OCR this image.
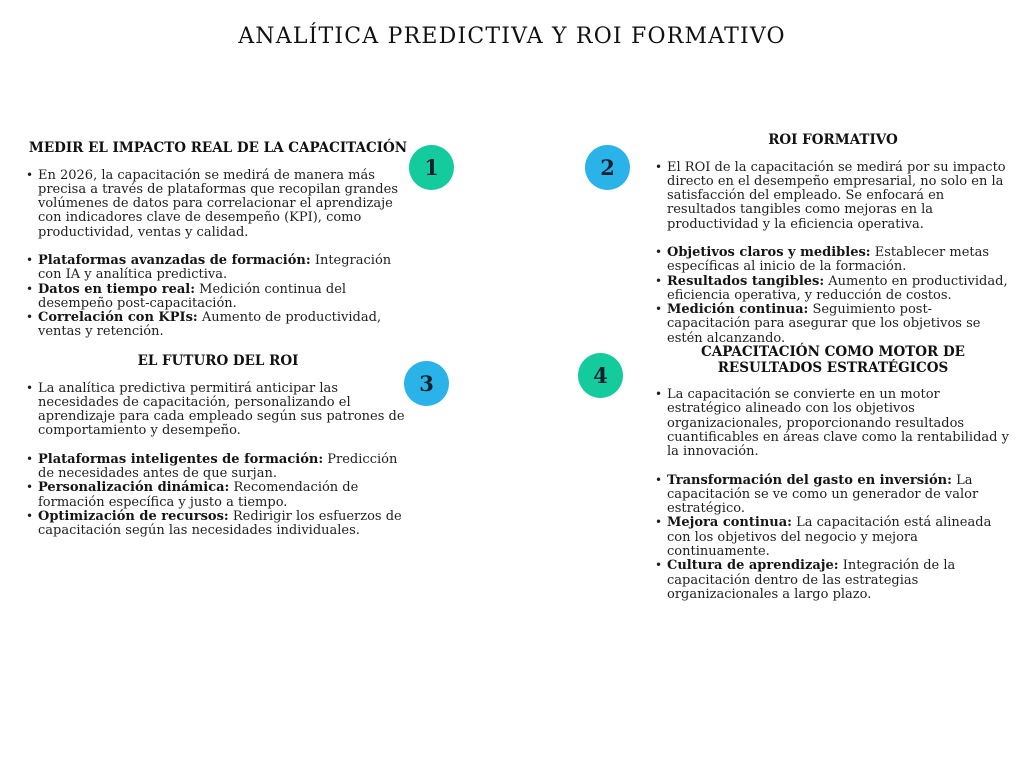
ANALÍTICA PREDICTIVA Y ROI FORMATIVO
MEDIR EL IMPACTO REAL DE LA CAPACITACIÓN
• En 2026, la capacitación se medirá de manera más precisa a través de plataformas que recopilan grandes volúmenes de datos para correlacionar el aprendizaje con indicadores clave de desempeño (KPI), como productividad, ventas y calidad.
• Plataformas avanzadas de formación: Integración con IA y analítica predictiva.
• Datos en tiempo real: Medición continua del desempeño post-capacitación.
• Correlación con KPIs: Aumento de productividad, ventas y retención.
ROI FORMATIVO
• El ROI de la capacitación se medirá por su impacto directo en el desempeño empresarial, no solo en la satisfacción del empleado. Se enfocará en resultados tangibles como mejoras en la productividad y la eficiencia operativa.
• Objetivos claros y medibles: Establecer metas específicas al inicio de la formación.
• Resultados tangibles: Aumento en productividad, eficiencia operativa, y reducción de costos.
• Medición continua: Seguimiento post-capacitación para asegurar que los objetivos se estén alcanzando.
EL FUTURO DEL ROI
• La analítica predictiva permitirá anticipar las necesidades de capacitación, personalizando el aprendizaje para cada empleado según sus patrones de comportamiento y desempeño.
• Plataformas inteligentes de formación: Predicción de necesidades antes de que surjan.
• Personalización dinámica: Recomendación de formación específica y justo a tiempo.
• Optimización de recursos: Redirigir los esfuerzos de capacitación según las necesidades individuales.
CAPACITACIÓN COMO MOTOR DE RESULTADOS ESTRATÉGICOS
• La capacitación se convierte en un motor estratégico alineado con los objetivos organizacionales, proporcionando resultados cuantificables en áreas clave como la rentabilidad y la innovación.
• Transformación del gasto en inversión: La capacitación se ve como un generador de valor estratégico.
• Mejora continua: La capacitación está alineada con los objetivos del negocio y mejora continuamente.
• Cultura de aprendizaje: Integración de la capacitación dentro de las estrategias organizacionales a largo plazo.
1	2
3	4
